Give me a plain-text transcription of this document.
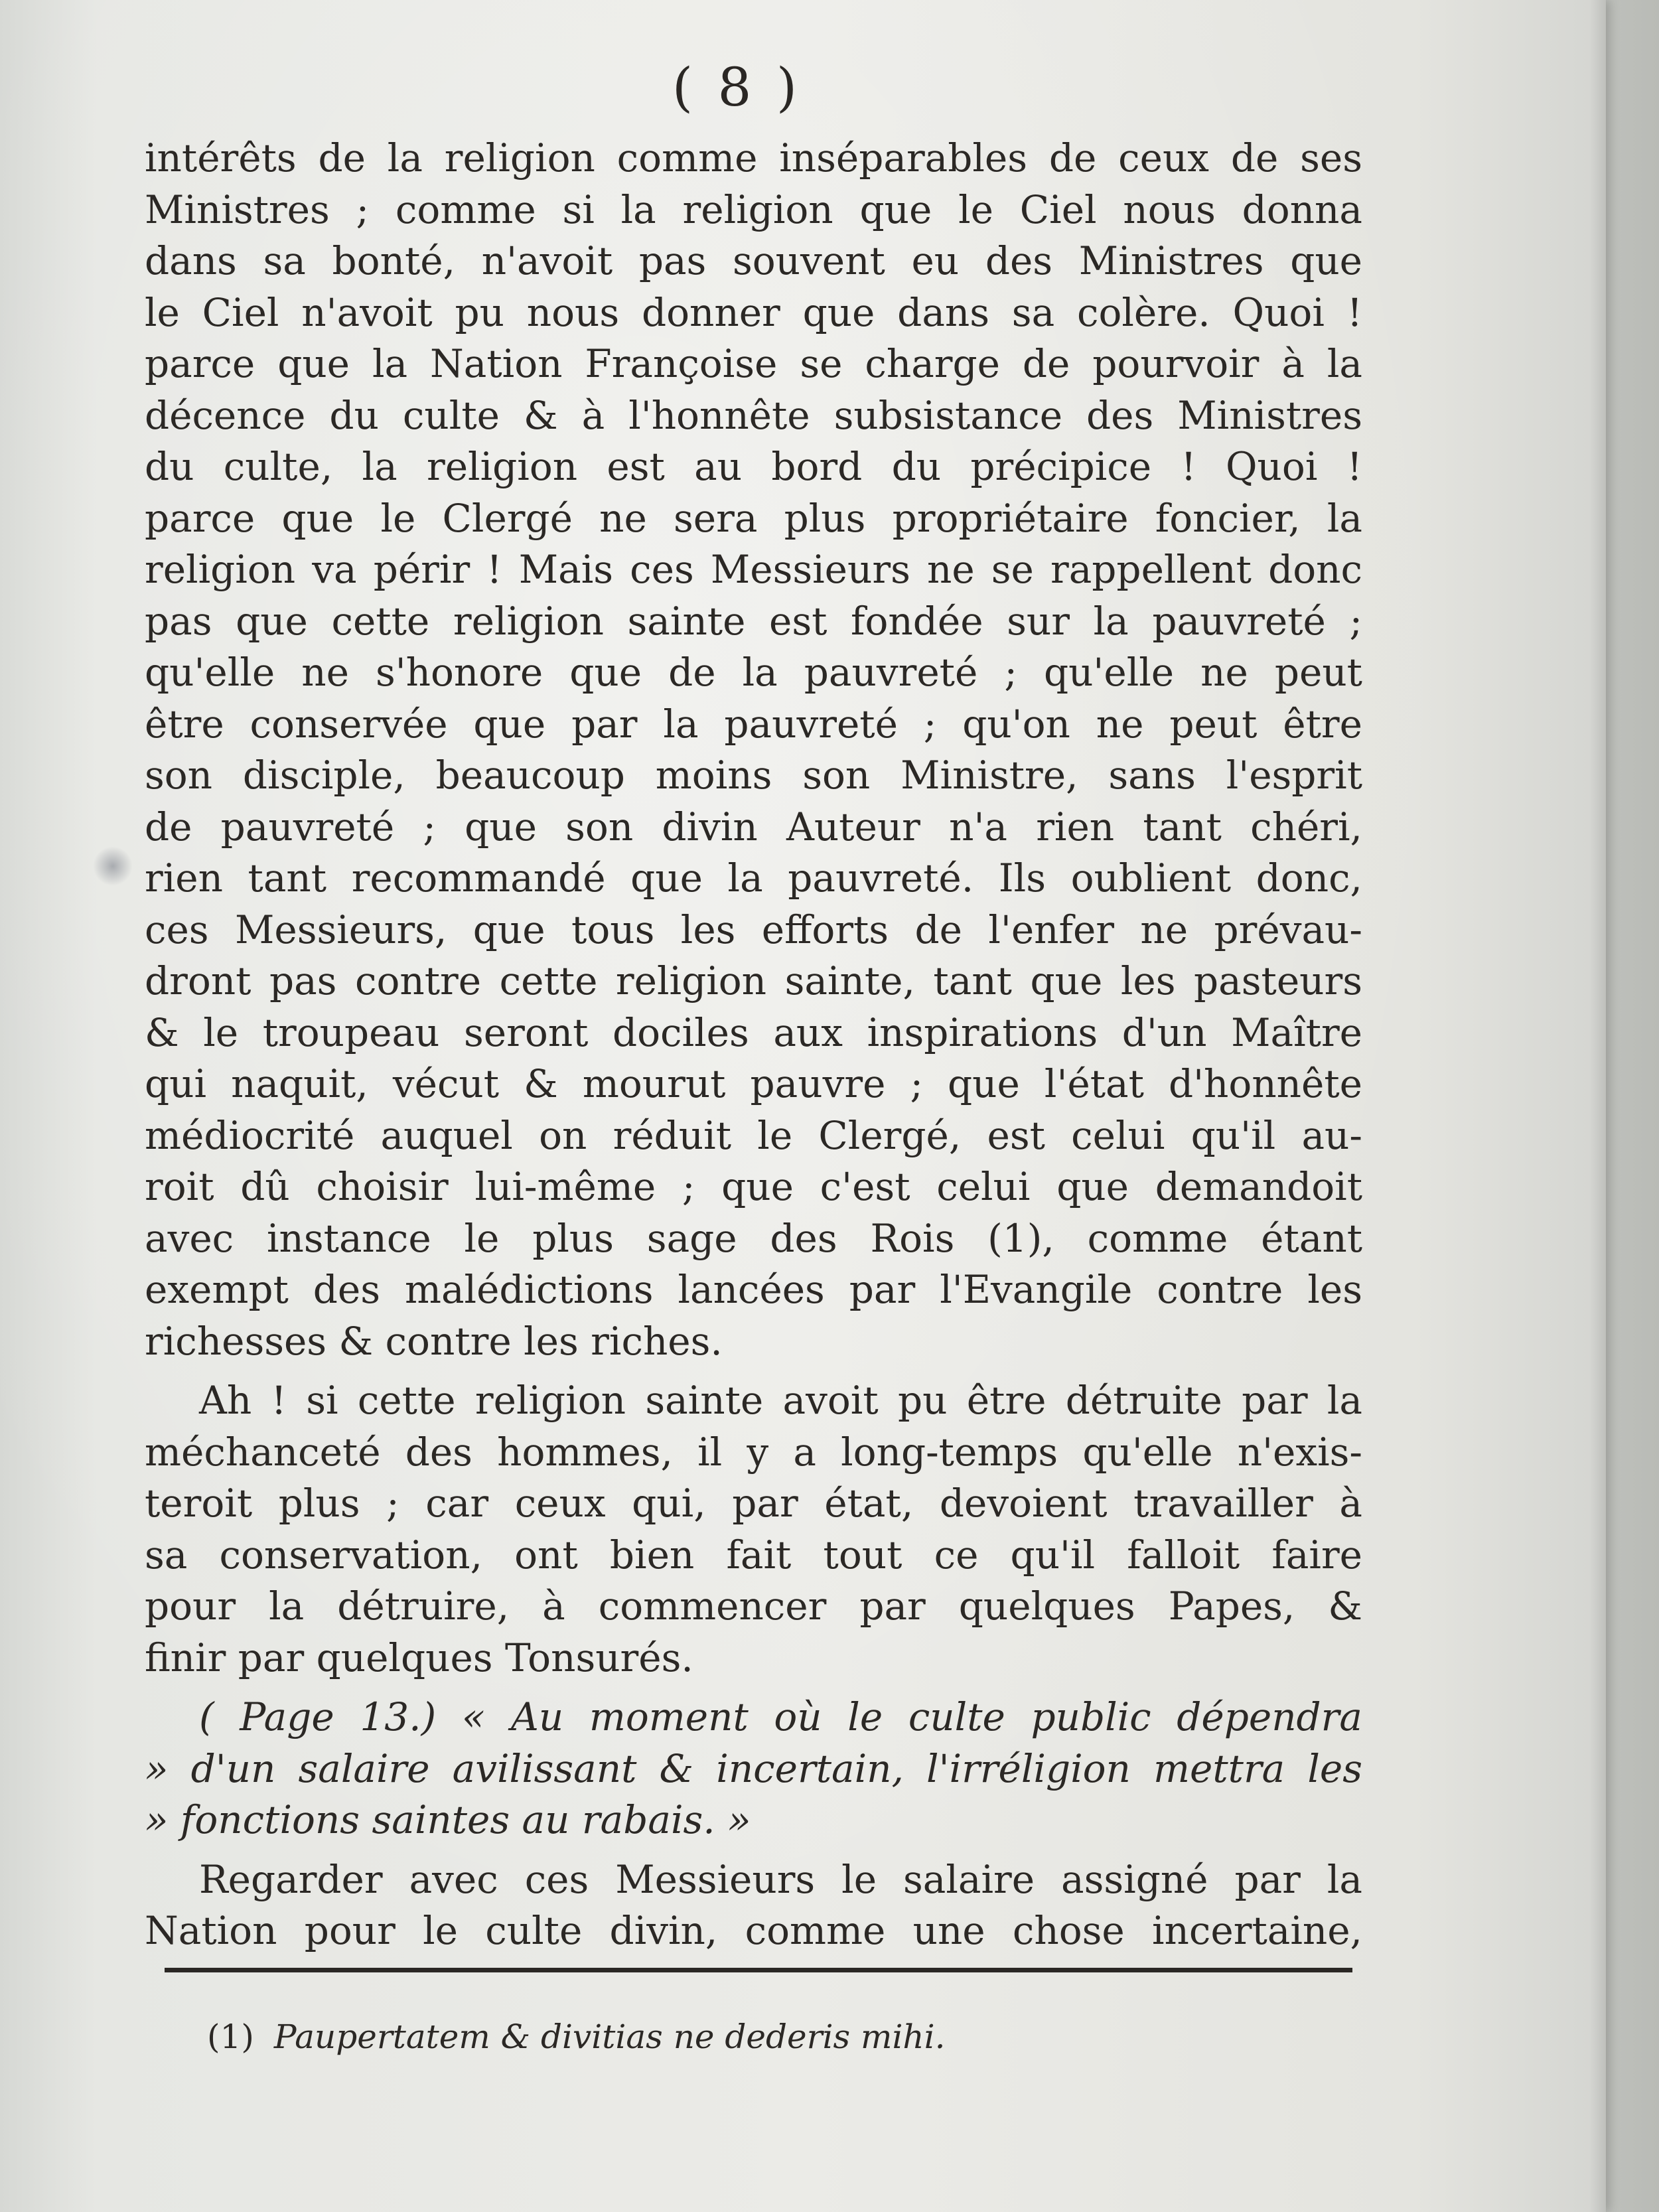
( 8 )
intérêts de la religion comme inséparables de ceux de ses
Ministres ; comme si la religion que le Ciel nous donna
dans sa bonté, n'avoit pas souvent eu des Ministres que
le Ciel n'avoit pu nous donner que dans sa colère. Quoi !
parce que la Nation Françoise se charge de pourvoir à la
décence du culte & à l'honnête subsistance des Ministres
du culte, la religion est au bord du précipice ! Quoi !
parce que le Clergé ne sera plus propriétaire foncier, la
religion va périr ! Mais ces Messieurs ne se rappellent donc
pas que cette religion sainte est fondée sur la pauvreté ;
qu'elle ne s'honore que de la pauvreté ; qu'elle ne peut
être conservée que par la pauvreté ; qu'on ne peut être
son disciple, beaucoup moins son Ministre, sans l'esprit
de pauvreté ; que son divin Auteur n'a rien tant chéri,
rien tant recommandé que la pauvreté. Ils oublient donc,
ces Messieurs, que tous les efforts de l'enfer ne prévau-
dront pas contre cette religion sainte, tant que les pasteurs
& le troupeau seront dociles aux inspirations d'un Maître
qui naquit, vécut & mourut pauvre ; que l'état d'honnête
médiocrité auquel on réduit le Clergé, est celui qu'il au-
roit dû choisir lui-même ; que c'est celui que demandoit
avec instance le plus sage des Rois (1), comme étant
exempt des malédictions lancées par l'Evangile contre les
richesses & contre les riches.
Ah ! si cette religion sainte avoit pu être détruite par la
méchanceté des hommes, il y a long-temps qu'elle n'exis-
teroit plus ; car ceux qui, par état, devoient travailler à
sa conservation, ont bien fait tout ce qu'il falloit faire
pour la détruire, à commencer par quelques Papes, &
finir par quelques Tonsurés.
( Page 13.) « Au moment où le culte public dépendra
» d'un salaire avilissant & incertain, l'irréligion mettra les
» fonctions saintes au rabais. »
Regarder avec ces Messieurs le salaire assigné par la
Nation pour le culte divin, comme une chose incertaine,
(1) Paupertatem & divitias ne dederis mihi.
